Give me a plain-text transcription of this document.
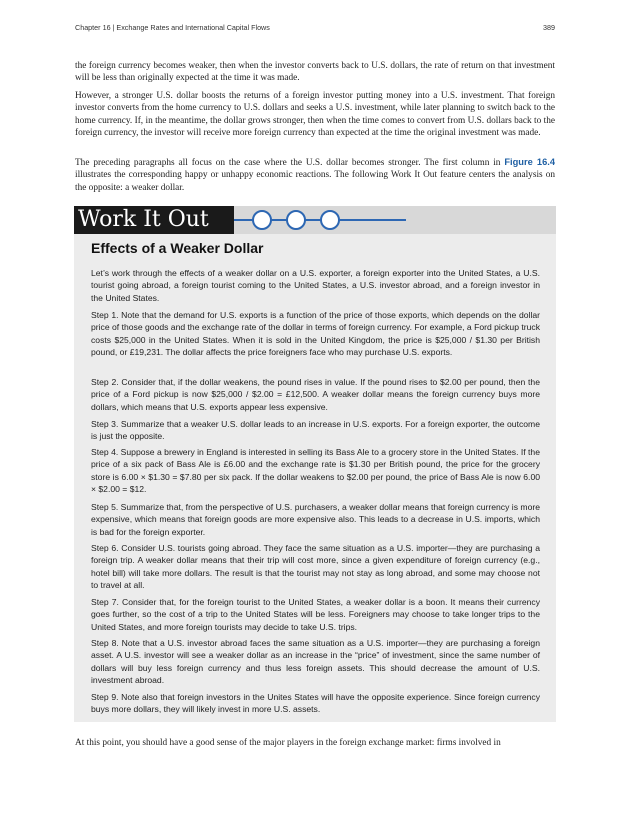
Chapter 16 | Exchange Rates and International Capital Flows	389

the foreign currency becomes weaker, then when the investor converts back to U.S. dollars, the rate of return on that investment will be less than originally expected at the time it was made.

However, a stronger U.S. dollar boosts the returns of a foreign investor putting money into a U.S. investment. That foreign investor converts from the home currency to U.S. dollars and seeks a U.S. investment, while later planning to switch back to the home currency. If, in the meantime, the dollar grows stronger, then when the time comes to convert from U.S. dollars back to the foreign currency, the investor will receive more foreign currency than expected at the time the original investment was made.

The preceding paragraphs all focus on the case where the U.S. dollar becomes stronger. The first column in Figure 16.4 illustrates the corresponding happy or unhappy economic reactions. The following Work It Out feature centers the analysis on the opposite: a weaker dollar.

Work It Out
Effects of a Weaker Dollar

Let’s work through the effects of a weaker dollar on a U.S. exporter, a foreign exporter into the United States, a U.S. tourist going abroad, a foreign tourist coming to the United States, a U.S. investor abroad, and a foreign investor in the United States.

Step 1. Note that the demand for U.S. exports is a function of the price of those exports, which depends on the dollar price of those goods and the exchange rate of the dollar in terms of foreign currency. For example, a Ford pickup truck costs $25,000 in the United States. When it is sold in the United Kingdom, the price is $25,000 / $1.30 per British pound, or £19,231. The dollar affects the price foreigners face who may purchase U.S. exports.

Step 2. Consider that, if the dollar weakens, the pound rises in value. If the pound rises to $2.00 per pound, then the price of a Ford pickup is now $25,000 / $2.00 = £12,500. A weaker dollar means the foreign currency buys more dollars, which means that U.S. exports appear less expensive.

Step 3. Summarize that a weaker U.S. dollar leads to an increase in U.S. exports. For a foreign exporter, the outcome is just the opposite.

Step 4. Suppose a brewery in England is interested in selling its Bass Ale to a grocery store in the United States. If the price of a six pack of Bass Ale is £6.00 and the exchange rate is $1.30 per British pound, the price for the grocery store is 6.00 × $1.30 = $7.80 per six pack. If the dollar weakens to $2.00 per pound, the price of Bass Ale is now 6.00 × $2.00 = $12.

Step 5. Summarize that, from the perspective of U.S. purchasers, a weaker dollar means that foreign currency is more expensive, which means that foreign goods are more expensive also. This leads to a decrease in U.S. imports, which is bad for the foreign exporter.

Step 6. Consider U.S. tourists going abroad. They face the same situation as a U.S. importer—they are purchasing a foreign trip. A weaker dollar means that their trip will cost more, since a given expenditure of foreign currency (e.g., hotel bill) will take more dollars. The result is that the tourist may not stay as long abroad, and some may choose not to travel at all.

Step 7. Consider that, for the foreign tourist to the United States, a weaker dollar is a boon. It means their currency goes further, so the cost of a trip to the United States will be less. Foreigners may choose to take longer trips to the United States, and more foreign tourists may decide to take U.S. trips.

Step 8. Note that a U.S. investor abroad faces the same situation as a U.S. importer—they are purchasing a foreign asset. A U.S. investor will see a weaker dollar as an increase in the “price” of investment, since the same number of dollars will buy less foreign currency and thus less foreign assets. This should decrease the amount of U.S. investment abroad.

Step 9. Note also that foreign investors in the Unites States will have the opposite experience. Since foreign currency buys more dollars, they will likely invest in more U.S. assets.

At this point, you should have a good sense of the major players in the foreign exchange market: firms involved in
